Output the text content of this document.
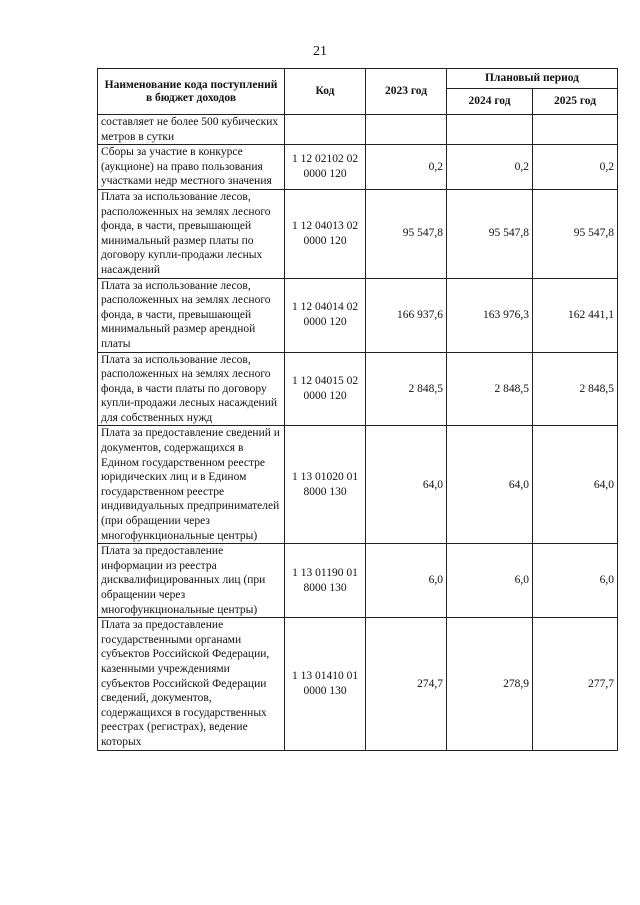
21
Наименование кода поступлений в бюджет доходов	Код	2023 год	Плановый период	
			2024 год	2025 год
составляет не более 500 кубических метров в сутки				
Сборы за участие в конкурсе (аукционе) на право пользования участками недр местного значения	1 12 02102 02 0000 120	0,2	0,2	0,2
Плата за использование лесов, расположенных на землях лесного фонда, в части, превышающей минимальный размер платы по договору купли-продажи лесных насаждений	1 12 04013 02 0000 120	95 547,8	95 547,8	95 547,8
Плата за использование лесов, расположенных на землях лесного фонда, в части, превышающей минимальный размер арендной платы	1 12 04014 02 0000 120	166 937,6	163 976,3	162 441,1
Плата за использование лесов, расположенных на землях лесного фонда, в части платы по договору купли-продажи лесных насаждений для собственных нужд	1 12 04015 02 0000 120	2 848,5	2 848,5	2 848,5
Плата за предоставление сведений и документов, содержащихся в Едином государственном реестре юридических лиц и в Едином государственном реестре индивидуальных предпринимателей (при обращении через многофункциональные центры)	1 13 01020 01 8000 130	64,0	64,0	64,0
Плата за предоставление информации из реестра дисквалифицированных лиц (при обращении через многофункциональные центры)	1 13 01190 01 8000 130	6,0	6,0	6,0
Плата за предоставление государственными органами субъектов Российской Федерации, казенными учреждениями субъектов Российской Федерации сведений, документов, содержащихся в государственных реестрах (регистрах), ведение которых	1 13 01410 01 0000 130	274,7	278,9	277,7
